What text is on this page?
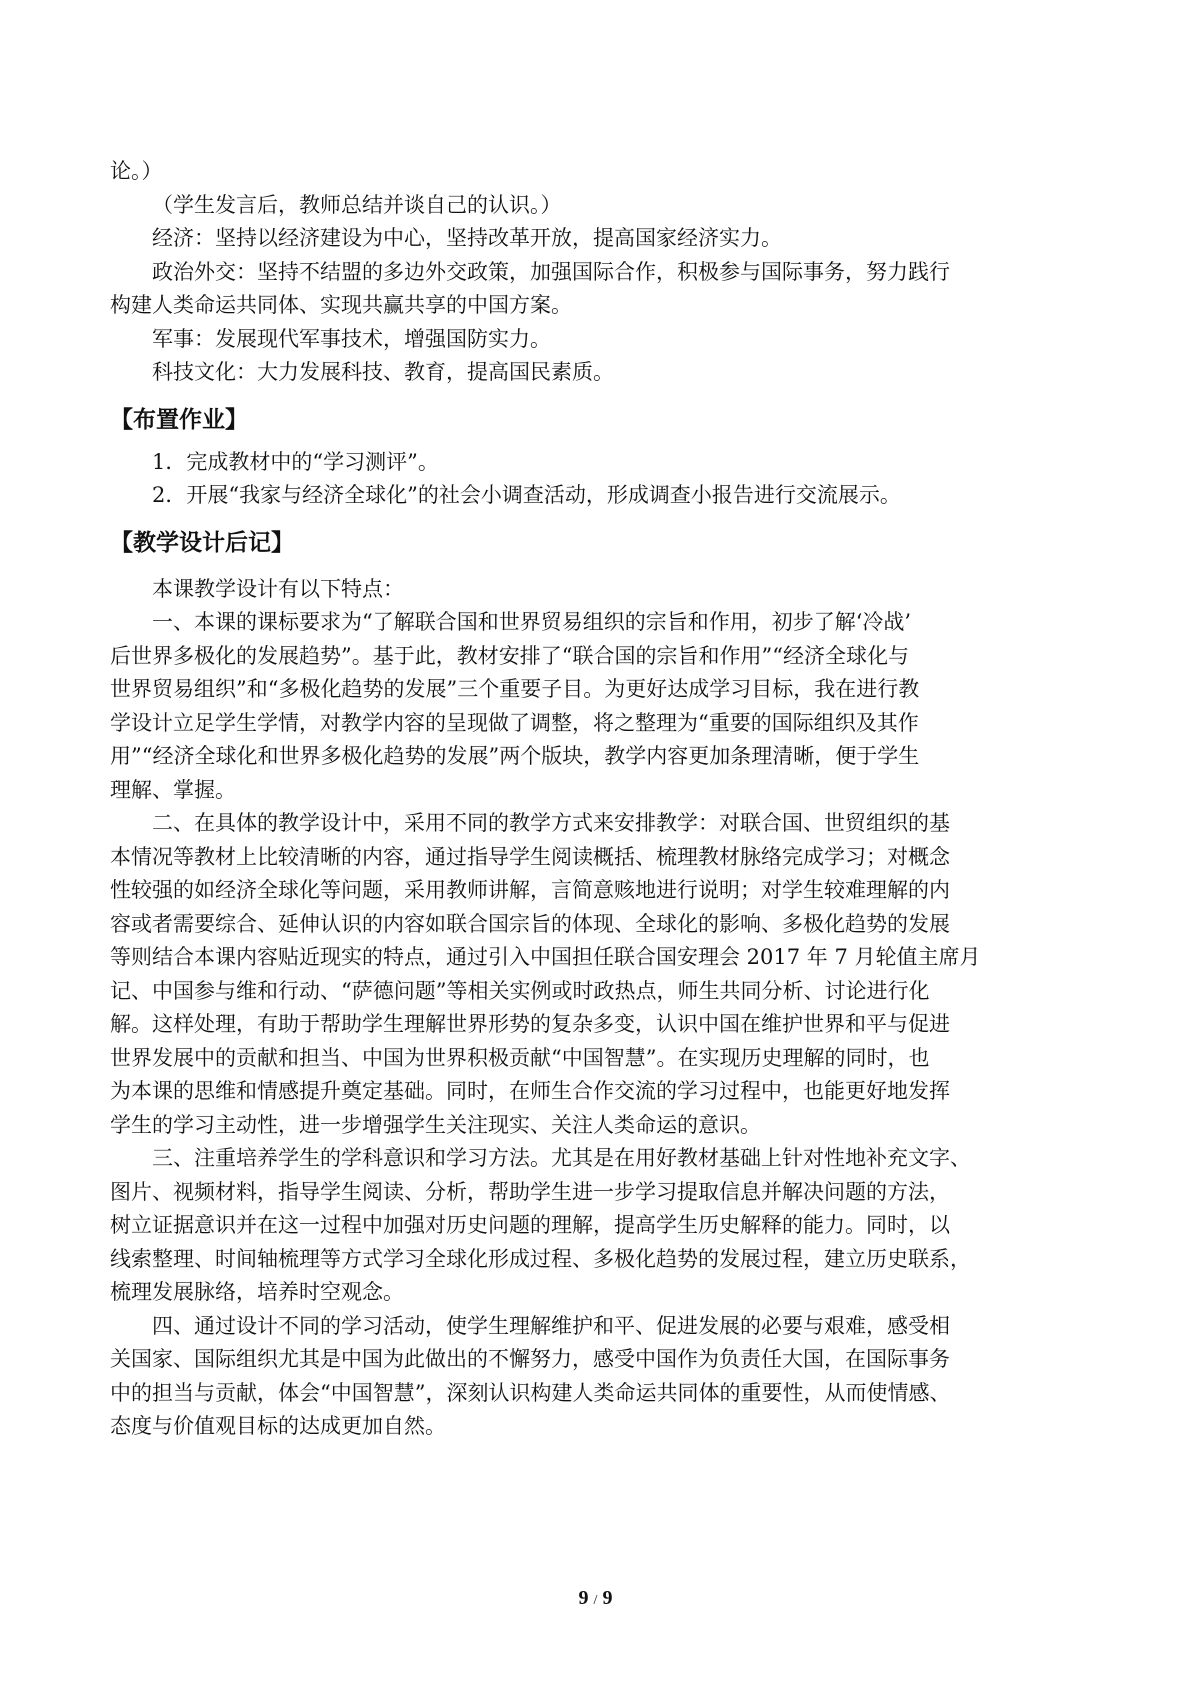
论。）

（学生发言后，教师总结并谈自己的认识。）

经济：坚持以经济建设为中心，坚持改革开放，提高国家经济实力。

政治外交：坚持不结盟的多边外交政策，加强国际合作，积极参与国际事务，努力践行

构建人类命运共同体、实现共赢共享的中国方案。

军事：发展现代军事技术，增强国防实力。

科技文化：大力发展科技、教育，提高国民素质。

【布置作业】

1．完成教材中的“学习测评”。

2．开展“我家与经济全球化”的社会小调查活动，形成调查小报告进行交流展示。

【教学设计后记】

本课教学设计有以下特点：

一、本课的课标要求为“了解联合国和世界贸易组织的宗旨和作用，初步了解‘冷战’

后世界多极化的发展趋势”。基于此，教材安排了“联合国的宗旨和作用”“经济全球化与

世界贸易组织”和“多极化趋势的发展”三个重要子目。为更好达成学习目标，我在进行教

学设计立足学生学情，对教学内容的呈现做了调整，将之整理为“重要的国际组织及其作

用”“经济全球化和世界多极化趋势的发展”两个版块，教学内容更加条理清晰，便于学生

理解、掌握。

二、在具体的教学设计中，采用不同的教学方式来安排教学：对联合国、世贸组织的基

本情况等教材上比较清晰的内容，通过指导学生阅读概括、梳理教材脉络完成学习；对概念

性较强的如经济全球化等问题，采用教师讲解，言简意赅地进行说明；对学生较难理解的内

容或者需要综合、延伸认识的内容如联合国宗旨的体现、全球化的影响、多极化趋势的发展

等则结合本课内容贴近现实的特点，通过引入中国担任联合国安理会 2017 年 7 月轮值主席月

记、中国参与维和行动、“萨德问题”等相关实例或时政热点，师生共同分析、讨论进行化

解。这样处理，有助于帮助学生理解世界形势的复杂多变，认识中国在维护世界和平与促进

世界发展中的贡献和担当、中国为世界积极贡献“中国智慧”。在实现历史理解的同时，也

为本课的思维和情感提升奠定基础。同时，在师生合作交流的学习过程中，也能更好地发挥

学生的学习主动性，进一步增强学生关注现实、关注人类命运的意识。

三、注重培养学生的学科意识和学习方法。尤其是在用好教材基础上针对性地补充文字、

图片、视频材料，指导学生阅读、分析，帮助学生进一步学习提取信息并解决问题的方法，

树立证据意识并在这一过程中加强对历史问题的理解，提高学生历史解释的能力。同时，以

线索整理、时间轴梳理等方式学习全球化形成过程、多极化趋势的发展过程，建立历史联系，

梳理发展脉络，培养时空观念。

四、通过设计不同的学习活动，使学生理解维护和平、促进发展的必要与艰难，感受相

关国家、国际组织尤其是中国为此做出的不懈努力，感受中国作为负责任大国，在国际事务

中的担当与贡献，体会“中国智慧”，深刻认识构建人类命运共同体的重要性，从而使情感、

态度与价值观目标的达成更加自然。

9 / 9
